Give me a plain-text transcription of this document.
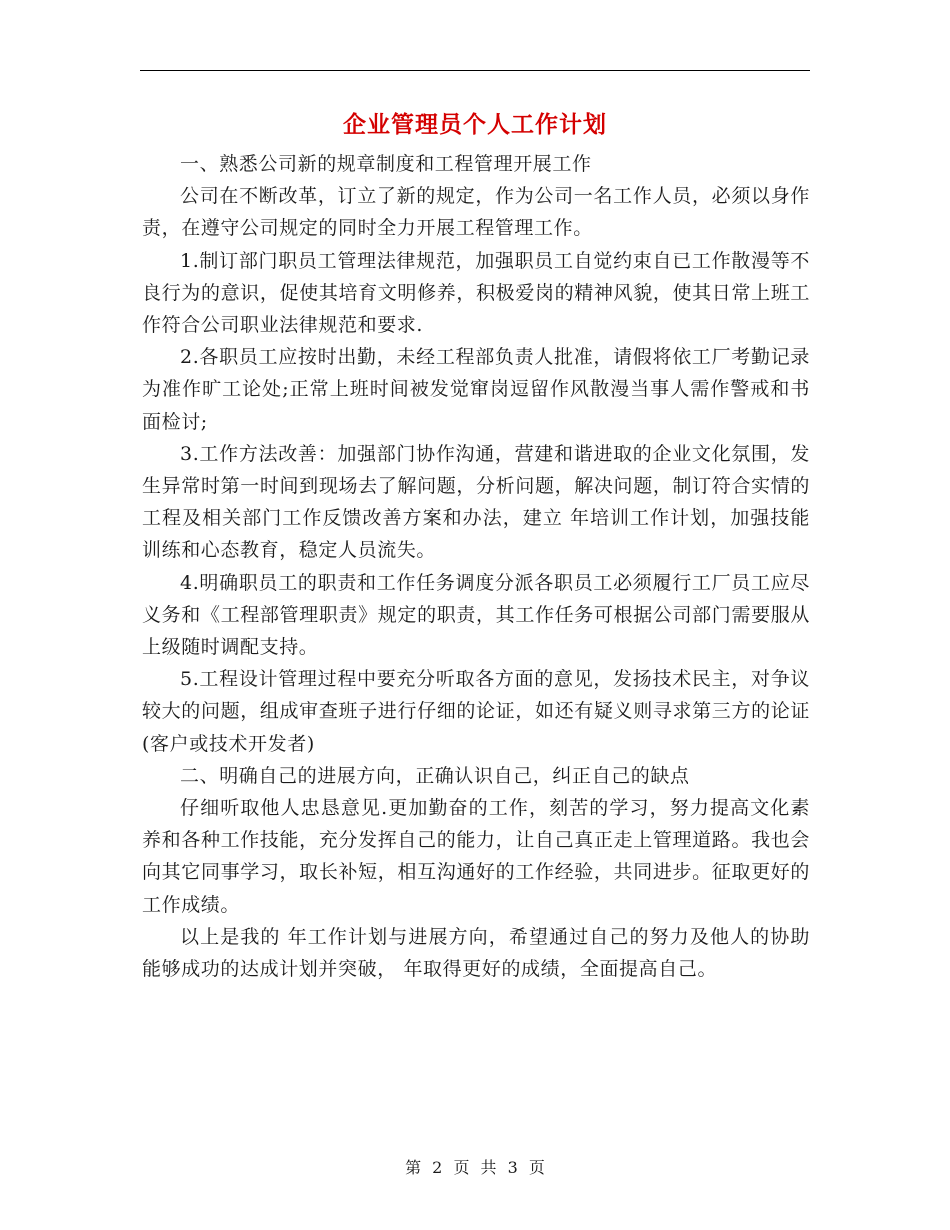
企业管理员个人工作计划

一、熟悉公司新的规章制度和工程管理开展工作

公司在不断改革，订立了新的规定，作为公司一名工作人员，必须以身作责，在遵守公司规定的同时全力开展工程管理工作。

1.制订部门职员工管理法律规范，加强职员工自觉约束自已工作散漫等不良行为的意识，促使其培育文明修养，积极爱岗的精神风貌，使其日常上班工作符合公司职业法律规范和要求.

2.各职员工应按时出勤，未经工程部负责人批准，请假将依工厂考勤记录为准作旷工论处;正常上班时间被发觉窜岗逗留作风散漫当事人需作警戒和书面检讨;

3.工作方法改善：加强部门协作沟通，营建和谐进取的企业文化氛围，发生异常时第一时间到现场去了解问题，分析问题，解决问题，制订符合实情的工程及相关部门工作反馈改善方案和办法，建立 年培训工作计划，加强技能训练和心态教育，稳定人员流失。

4.明确职员工的职责和工作任务调度分派各职员工必须履行工厂员工应尽义务和《工程部管理职责》规定的职责，其工作任务可根据公司部门需要服从上级随时调配支持。

5.工程设计管理过程中要充分听取各方面的意见，发扬技术民主，对争议较大的问题，组成审查班子进行仔细的论证，如还有疑义则寻求第三方的论证(客户或技术开发者)

二、明确自己的进展方向，正确认识自己，纠正自己的缺点

仔细听取他人忠恳意见.更加勤奋的工作，刻苦的学习，努力提高文化素养和各种工作技能，充分发挥自己的能力，让自己真正走上管理道路。我也会向其它同事学习，取长补短，相互沟通好的工作经验，共同进步。征取更好的工作成绩。

以上是我的 年工作计划与进展方向，希望通过自己的努力及他人的协助能够成功的达成计划并突破， 年取得更好的成绩，全面提高自己。

第 2 页 共 3 页
